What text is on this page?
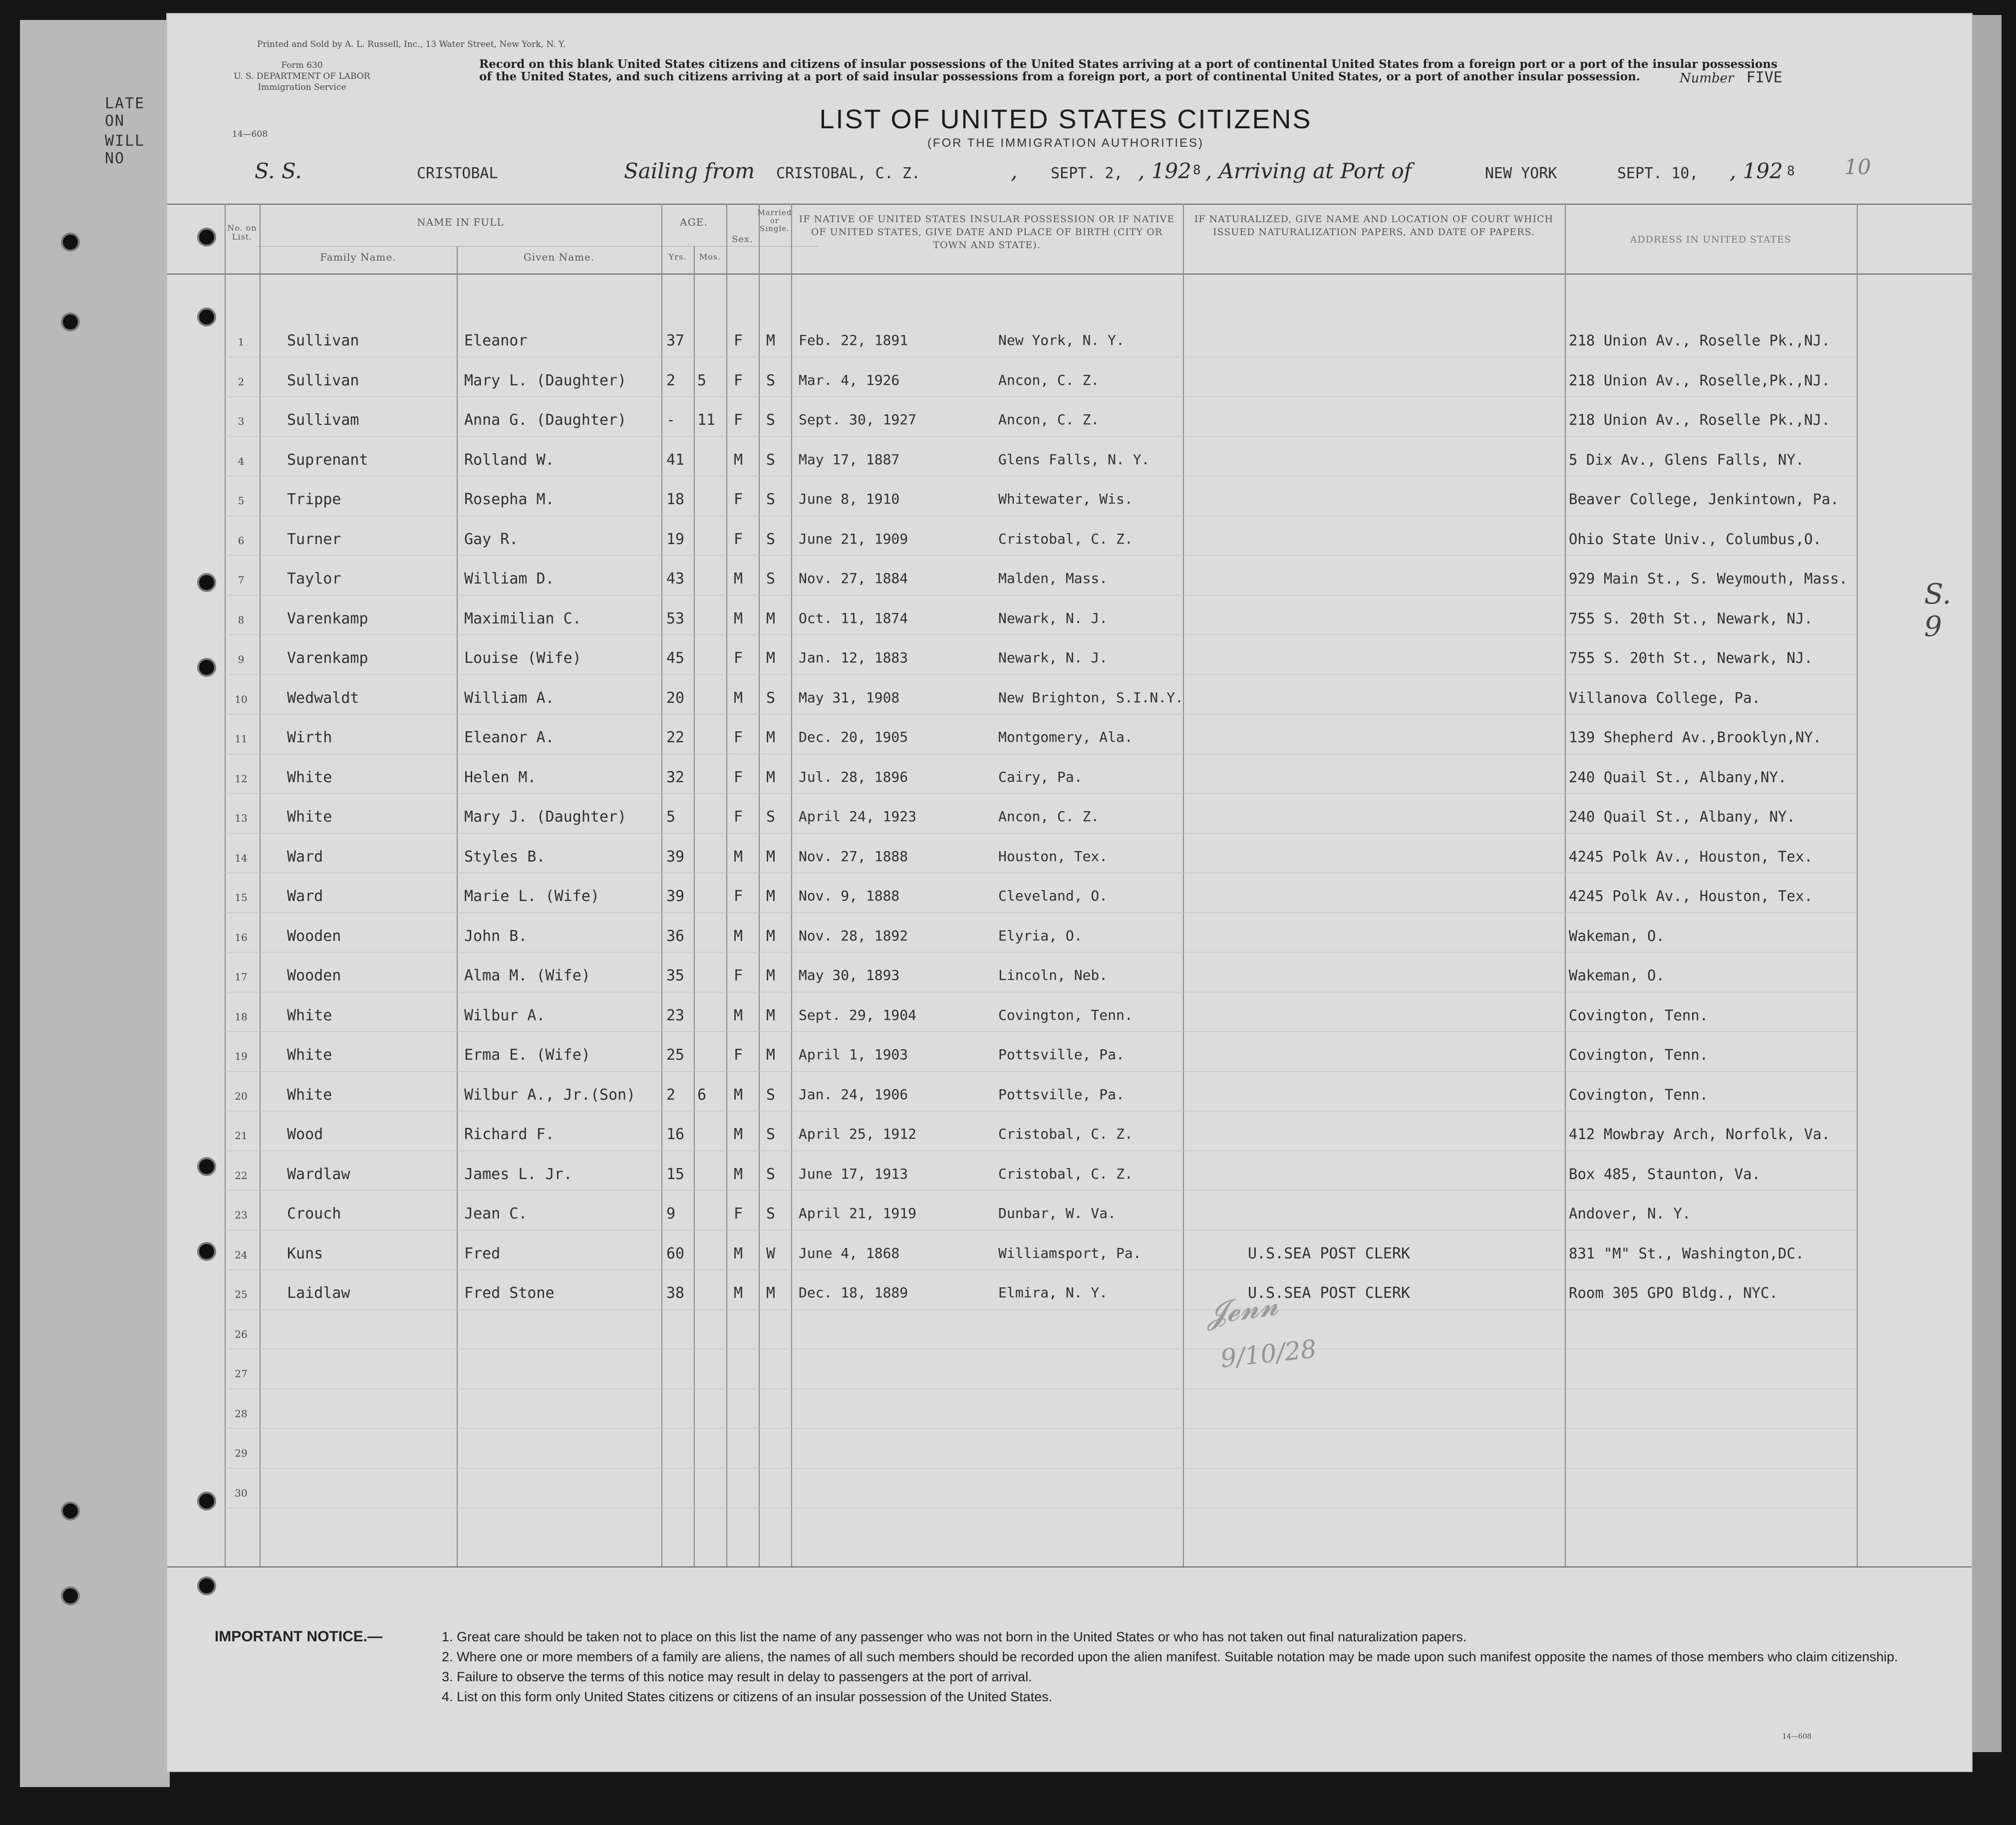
LATE ON
WILL NO
Printed and Sold by A. L. Russell, Inc., 13 Water Street, New York, N. Y.
Form 630
U. S. DEPARTMENT OF LABOR
Immigration Service
14—608
Record on this blank United States citizens and citizens of insular possessions of the United States arriving at a port of continental United States from a foreign port or a port of the insular possessions of the United States, and such citizens arriving at a port of said insular possessions from a foreign port, a port of continental United States, or a port of another insular possession.	Number FIVE
LIST OF UNITED STATES CITIZENS
(FOR THE IMMIGRATION AUTHORITIES)
S. S.	CRISTOBAL	Sailing from CRISTOBAL, C. Z.	, SEPT. 2, , 192 8 , Arriving at Port of	NEW YORK	SEPT. 10, , 192 8 10
No. on List.
NAME IN FULL
Family Name.	Given Name.
AGE.
Yrs.	Mos.
Sex.
Married or Single.
IF NATIVE OF UNITED STATES INSULAR POSSESSION OR IF NATIVE OF UNITED STATES, GIVE DATE AND PLACE OF BIRTH (CITY OR TOWN AND STATE).
IF NATURALIZED, GIVE NAME AND LOCATION OF COURT WHICH ISSUED NATURALIZATION PAPERS, AND DATE OF PAPERS.
ADDRESS IN UNITED STATES
1	Sullivan	Eleanor	37	F M Feb. 22, 1891	New York, N. Y.	218 Union Av., Roselle Pk.,NJ.
2	Sullivan	Mary L. (Daughter)	2 5 F S Mar. 4, 1926	Ancon, C. Z.	218 Union Av., Roselle,Pk.,NJ.
3	Sullivam	Anna G. (Daughter)	- 11 F S Sept. 30, 1927	Ancon, C. Z.	218 Union Av., Roselle Pk.,NJ.
4	Suprenant	Rolland W.	41	M S May 17, 1887	Glens Falls, N. Y.	5 Dix Av., Glens Falls, NY.
5	Trippe	Rosepha M.	18	F S June 8, 1910	Whitewater, Wis.	Beaver College, Jenkintown, Pa.
6	Turner	Gay R.	19	F S June 21, 1909	Cristobal, C. Z.	Ohio State Univ., Columbus,O.
7	Taylor	William D.	43	M S Nov. 27, 1884	Malden, Mass.	929 Main St., S. Weymouth, Mass.
8	Varenkamp	Maximilian C.	53	M M Oct. 11, 1874	Newark, N. J.	755 S. 20th St., Newark, NJ.
9	Varenkamp	Louise (Wife)	45	F M Jan. 12, 1883	Newark, N. J.	755 S. 20th St., Newark, NJ.
10	Wedwaldt	William A.	20	M S May 31, 1908	New Brighton, S.I.N.Y.	Villanova College, Pa.
11	Wirth	Eleanor A.	22	F M Dec. 20, 1905	Montgomery, Ala.	139 Shepherd Av.,Brooklyn,NY.
12	White	Helen M.	32	F M Jul. 28, 1896	Cairy, Pa.	240 Quail St., Albany,NY.
13	White	Mary J. (Daughter)	5	F S April 24, 1923	Ancon, C. Z.	240 Quail St., Albany, NY.
14	Ward	Styles B.	39	M M Nov. 27, 1888	Houston, Tex.	4245 Polk Av., Houston, Tex.
15	Ward	Marie L. (Wife)	39	F M Nov. 9, 1888	Cleveland, O.	4245 Polk Av., Houston, Tex.
16	Wooden	John B.	36	M M Nov. 28, 1892	Elyria, O.	Wakeman, O.
17	Wooden	Alma M. (Wife)	35	F M May 30, 1893	Lincoln, Neb.	Wakeman, O.
18	White	Wilbur A.	23	M M Sept. 29, 1904	Covington, Tenn.	Covington, Tenn.
19	White	Erma E. (Wife)	25	F M April 1, 1903	Pottsville, Pa.	Covington, Tenn.
20	White	Wilbur A., Jr.(Son) 2 6 M S Jan. 24, 1906	Pottsville, Pa.	Covington, Tenn.
21	Wood	Richard F.	16	M S April 25, 1912	Cristobal, C. Z.	412 Mowbray Arch, Norfolk, Va.
22	Wardlaw	James L. Jr.	15	M S June 17, 1913	Cristobal, C. Z.	Box 485, Staunton, Va.
23	Crouch	Jean C.	9	F S April 21, 1919	Dunbar, W. Va.	Andover, N. Y.
24	Kuns	Fred	60	M W June 4, 1868	Williamsport, Pa.	U.S.SEA POST CLERK	831 "M" St., Washington,DC.
25	Laidlaw	Fred Stone	38	M M Dec. 18, 1889	Elmira, N. Y.	U.S.SEA POST CLERK	Room 305 GPO Bldg., NYC.
26
27
28
29
30
𝓙𝓮𝓷𝓷
9/10/28
S. 9
IMPORTANT NOTICE.—	1. Great care should be taken not to place on this list the name of any passenger who was not born in the United States or who has not taken out final naturalization papers.
2. Where one or more members of a family are aliens, the names of all such members should be recorded upon the alien manifest. Suitable notation may be made upon such manifest opposite the names of those members who claim citizenship.
3. Failure to observe the terms of this notice may result in delay to passengers at the port of arrival.
4. List on this form only United States citizens or citizens of an insular possession of the United States.
14—608
